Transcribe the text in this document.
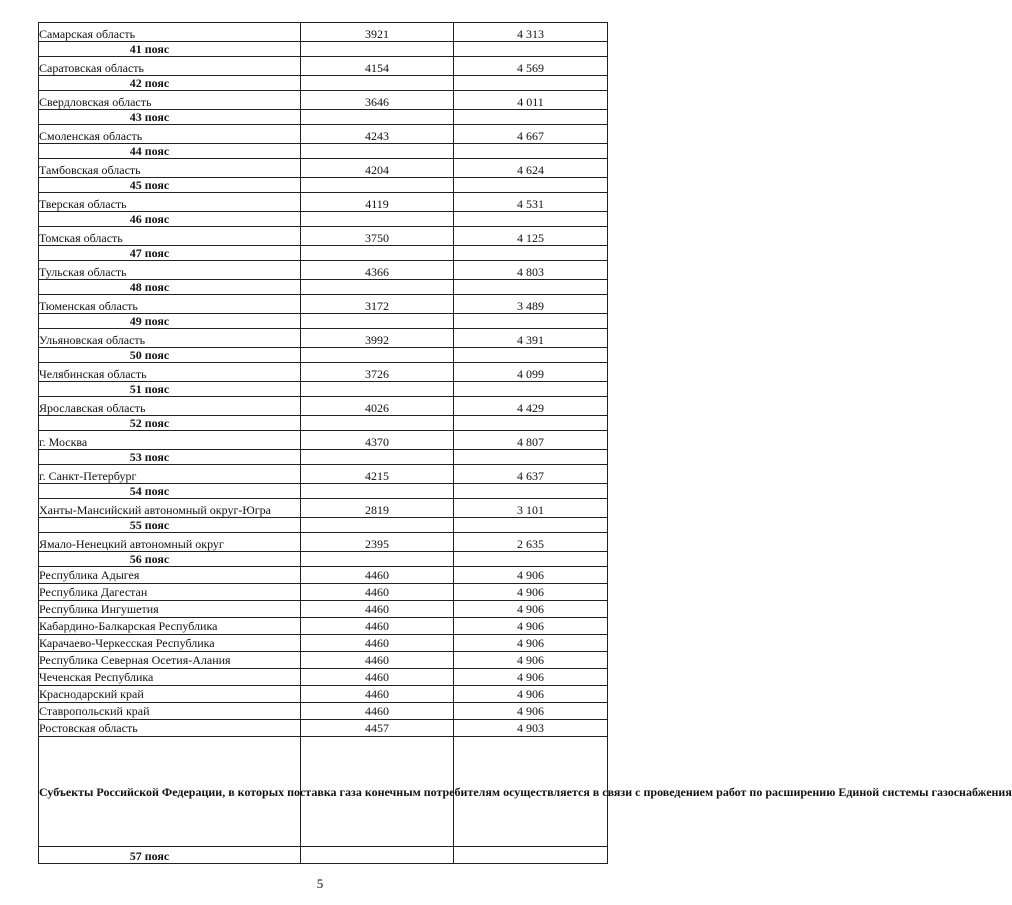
Самарская область	3921	4 313
41 пояс		
Саратовская область	4154	4 569
42 пояс		
Свердловская область	3646	4 011
43 пояс		
Смоленская область	4243	4 667
44 пояс		
Тамбовская область	4204	4 624
45 пояс		
Тверская область	4119	4 531
46 пояс		
Томская область	3750	4 125
47 пояс		
Тульская область	4366	4 803
48 пояс		
Тюменская область	3172	3 489
49 пояс		
Ульяновская область	3992	4 391
50 пояс		
Челябинская область	3726	4 099
51 пояс		
Ярославская область	4026	4 429
52 пояс		
г. Москва	4370	4 807
53 пояс		
г. Санкт-Петербург	4215	4 637
54 пояс		
Ханты-Мансийский автономный округ-Югра	2819	3 101
55 пояс		
Ямало-Ненецкий автономный округ	2395	2 635
56 пояс		
Республика Адыгея	4460	4 906
Республика Дагестан	4460	4 906
Республика Ингушетия	4460	4 906
Кабардино-Балкарская Республика	4460	4 906
Карачаево-Черкесская Республика	4460	4 906
Республика Северная Осетия-Алания	4460	4 906
Чеченская Республика	4460	4 906
Краснодарский край	4460	4 906
Ставропольский край	4460	4 906
Ростовская область	4457	4 903
Субъекты Российской Федерации, в которых поставка газа конечным потребителям осуществляется в связи с проведением работ по расширению Единой системы газоснабжения		
57 пояс		
5
